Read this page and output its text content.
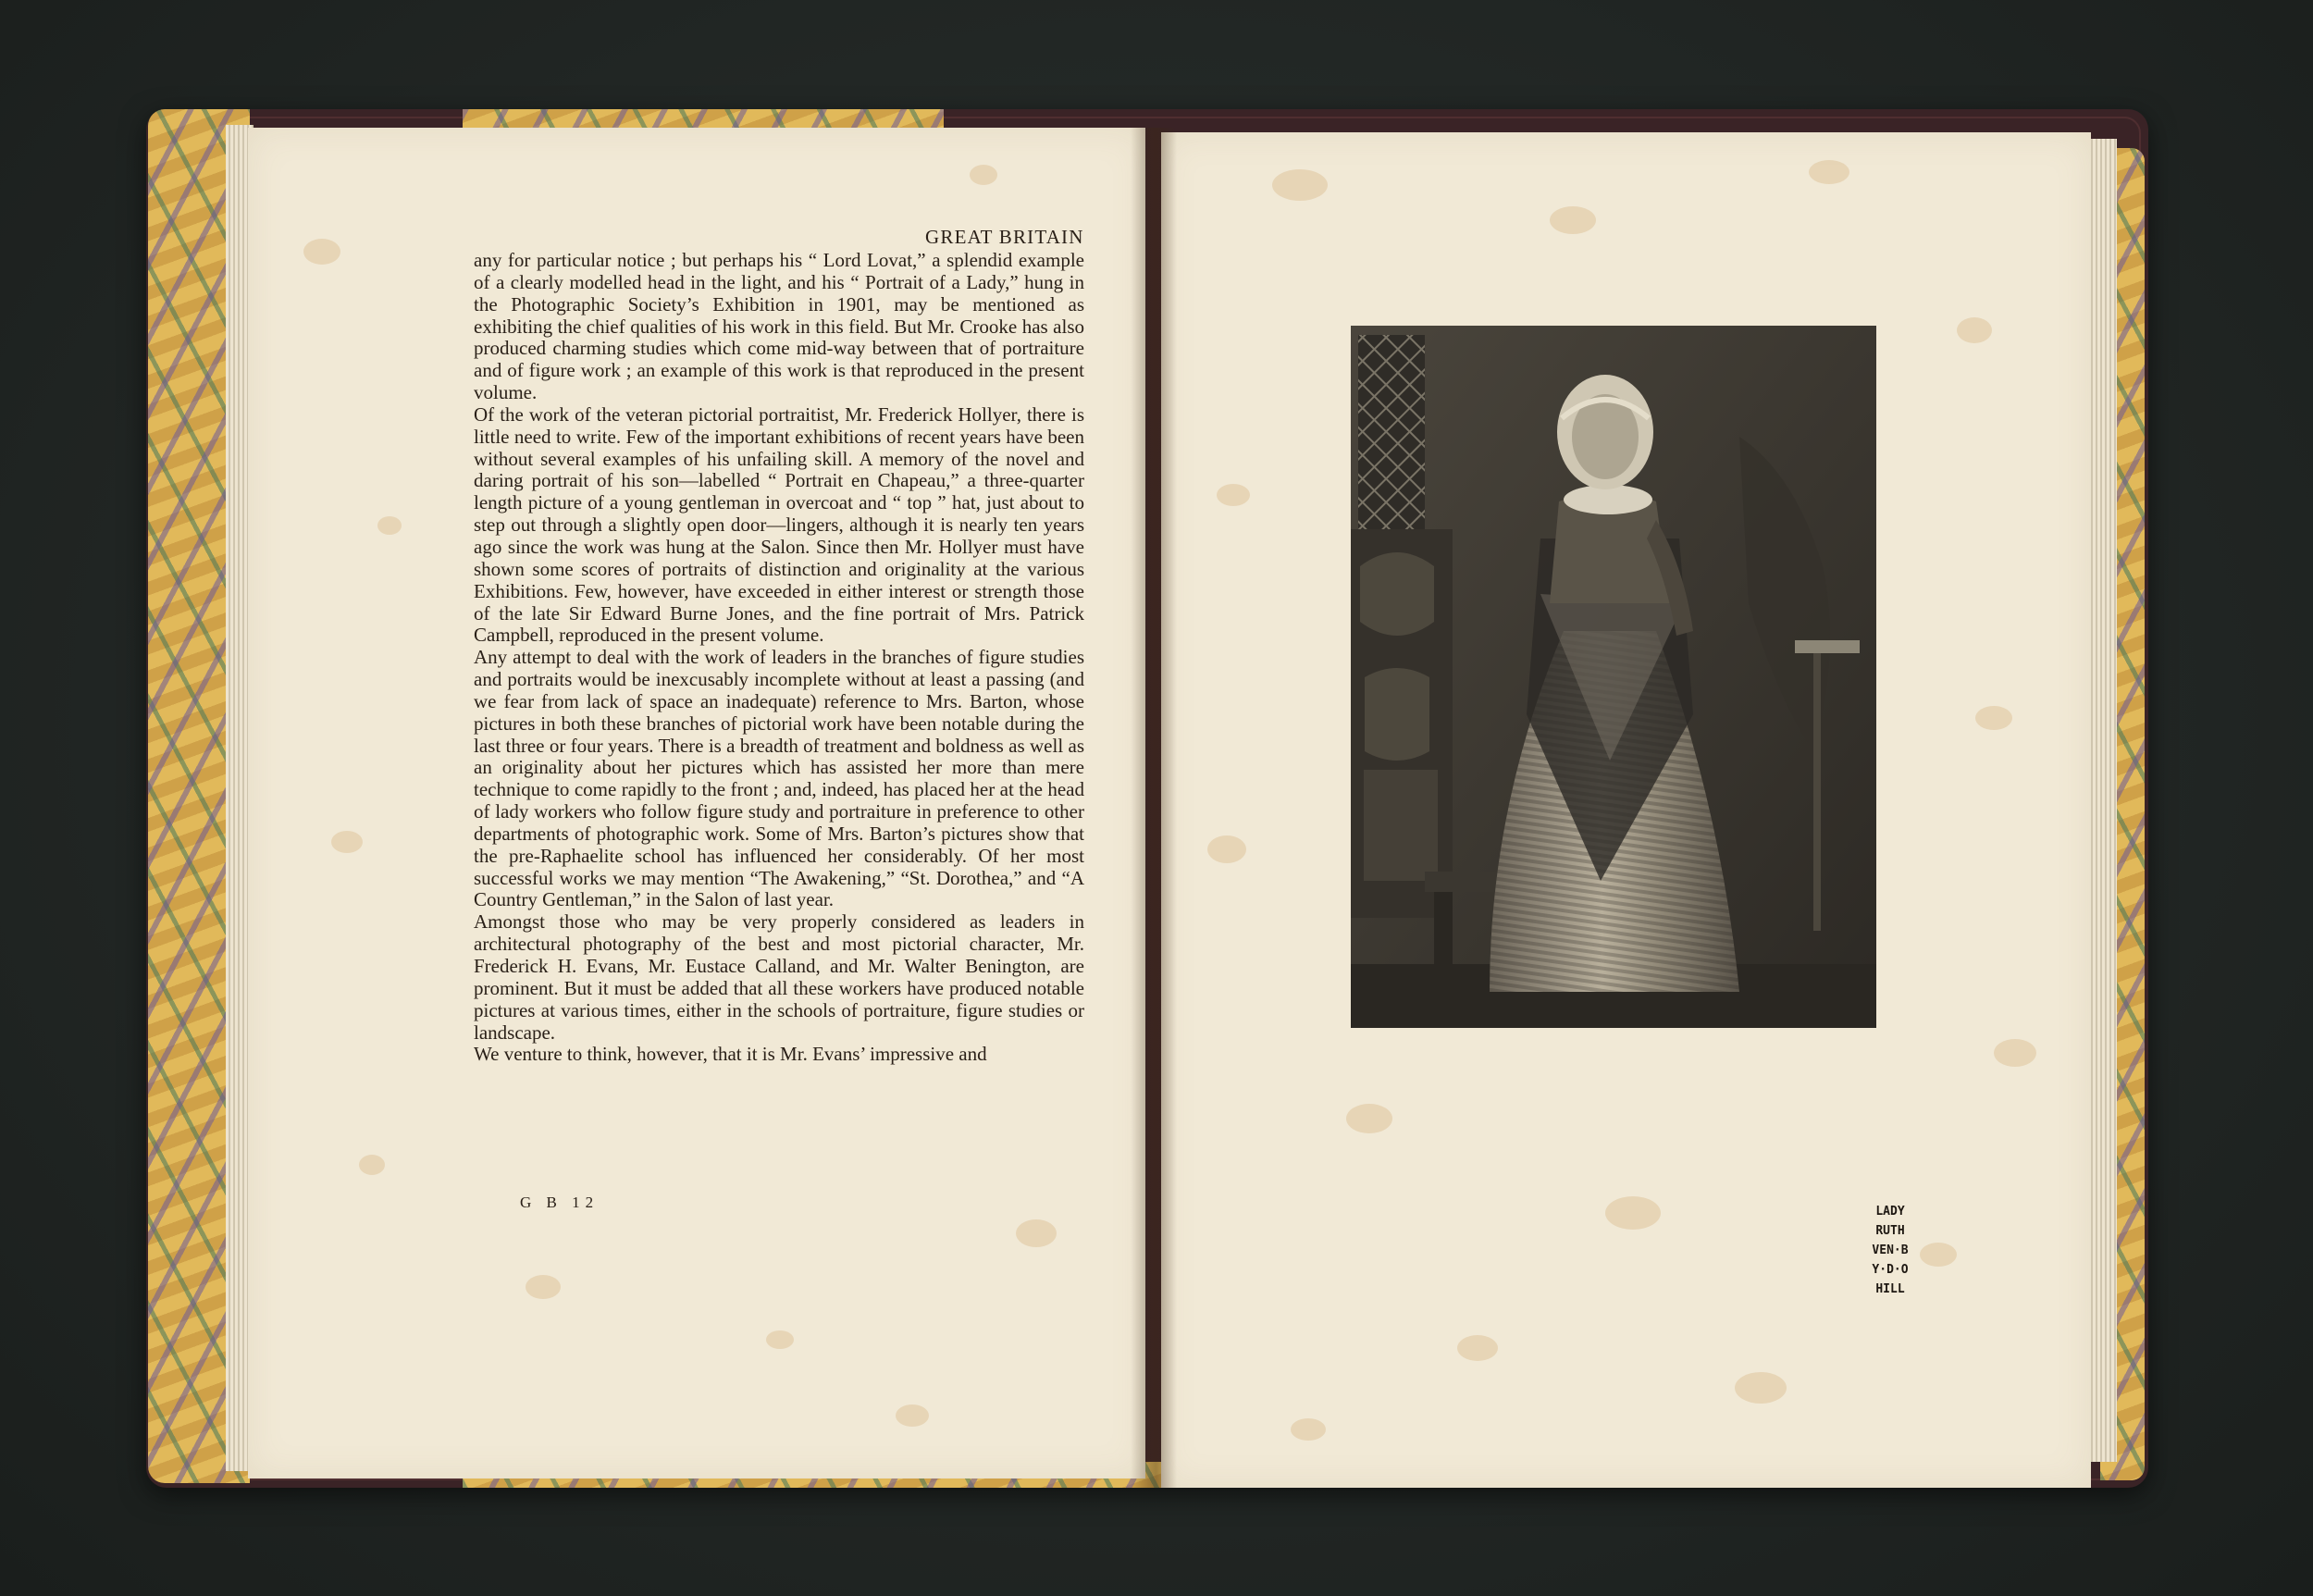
GREAT BRITAIN

any for particular notice ; but perhaps his “ Lord Lovat,” a splendid example of a clearly modelled head in the light, and his “ Portrait of a Lady,” hung in the Photographic Society’s Exhibition in 1901, may be mentioned as exhibiting the chief qualities of his work in this field. But Mr. Crooke has also produced charming studies which come mid-way between that of portraiture and of figure work ; an example of this work is that reproduced in the present volume.

Of the work of the veteran pictorial portraitist, Mr. Frederick Hollyer, there is little need to write. Few of the important exhibitions of recent years have been without several examples of his unfailing skill. A memory of the novel and daring portrait of his son—labelled “ Portrait en Chapeau,” a three-quarter length picture of a young gentleman in overcoat and “ top ” hat, just about to step out through a slightly open door—lingers, although it is nearly ten years ago since the work was hung at the Salon. Since then Mr. Hollyer must have shown some scores of portraits of distinction and originality at the various Exhibitions. Few, however, have exceeded in either interest or strength those of the late Sir Edward Burne Jones, and the fine portrait of Mrs. Patrick Campbell, reproduced in the present volume.

Any attempt to deal with the work of leaders in the branches of figure studies and portraits would be inexcusably incomplete without at least a passing (and we fear from lack of space an inadequate) reference to Mrs. Barton, whose pictures in both these branches of pictorial work have been notable during the last three or four years. There is a breadth of treatment and boldness as well as an originality about her pictures which has assisted her more than mere technique to come rapidly to the front ; and, indeed, has placed her at the head of lady workers who follow figure study and portraiture in preference to other departments of photographic work. Some of Mrs. Barton’s pictures show that the pre-Raphaelite school has influenced her considerably. Of her most successful works we may mention “The Awakening,” “St. Dorothea,” and “A Country Gentleman,” in the Salon of last year.

Amongst those who may be very properly considered as leaders in architectural photography of the best and most pictorial character, Mr. Frederick H. Evans, Mr. Eustace Calland, and Mr. Walter Benington, are prominent. But it must be added that all these workers have produced notable pictures at various times, either in the schools of portraiture, figure studies or landscape.

We venture to think, however, that it is Mr. Evans’ impressive and

G B 12
LADY
RUTH
VEN·B
Y·D·O
HILL
